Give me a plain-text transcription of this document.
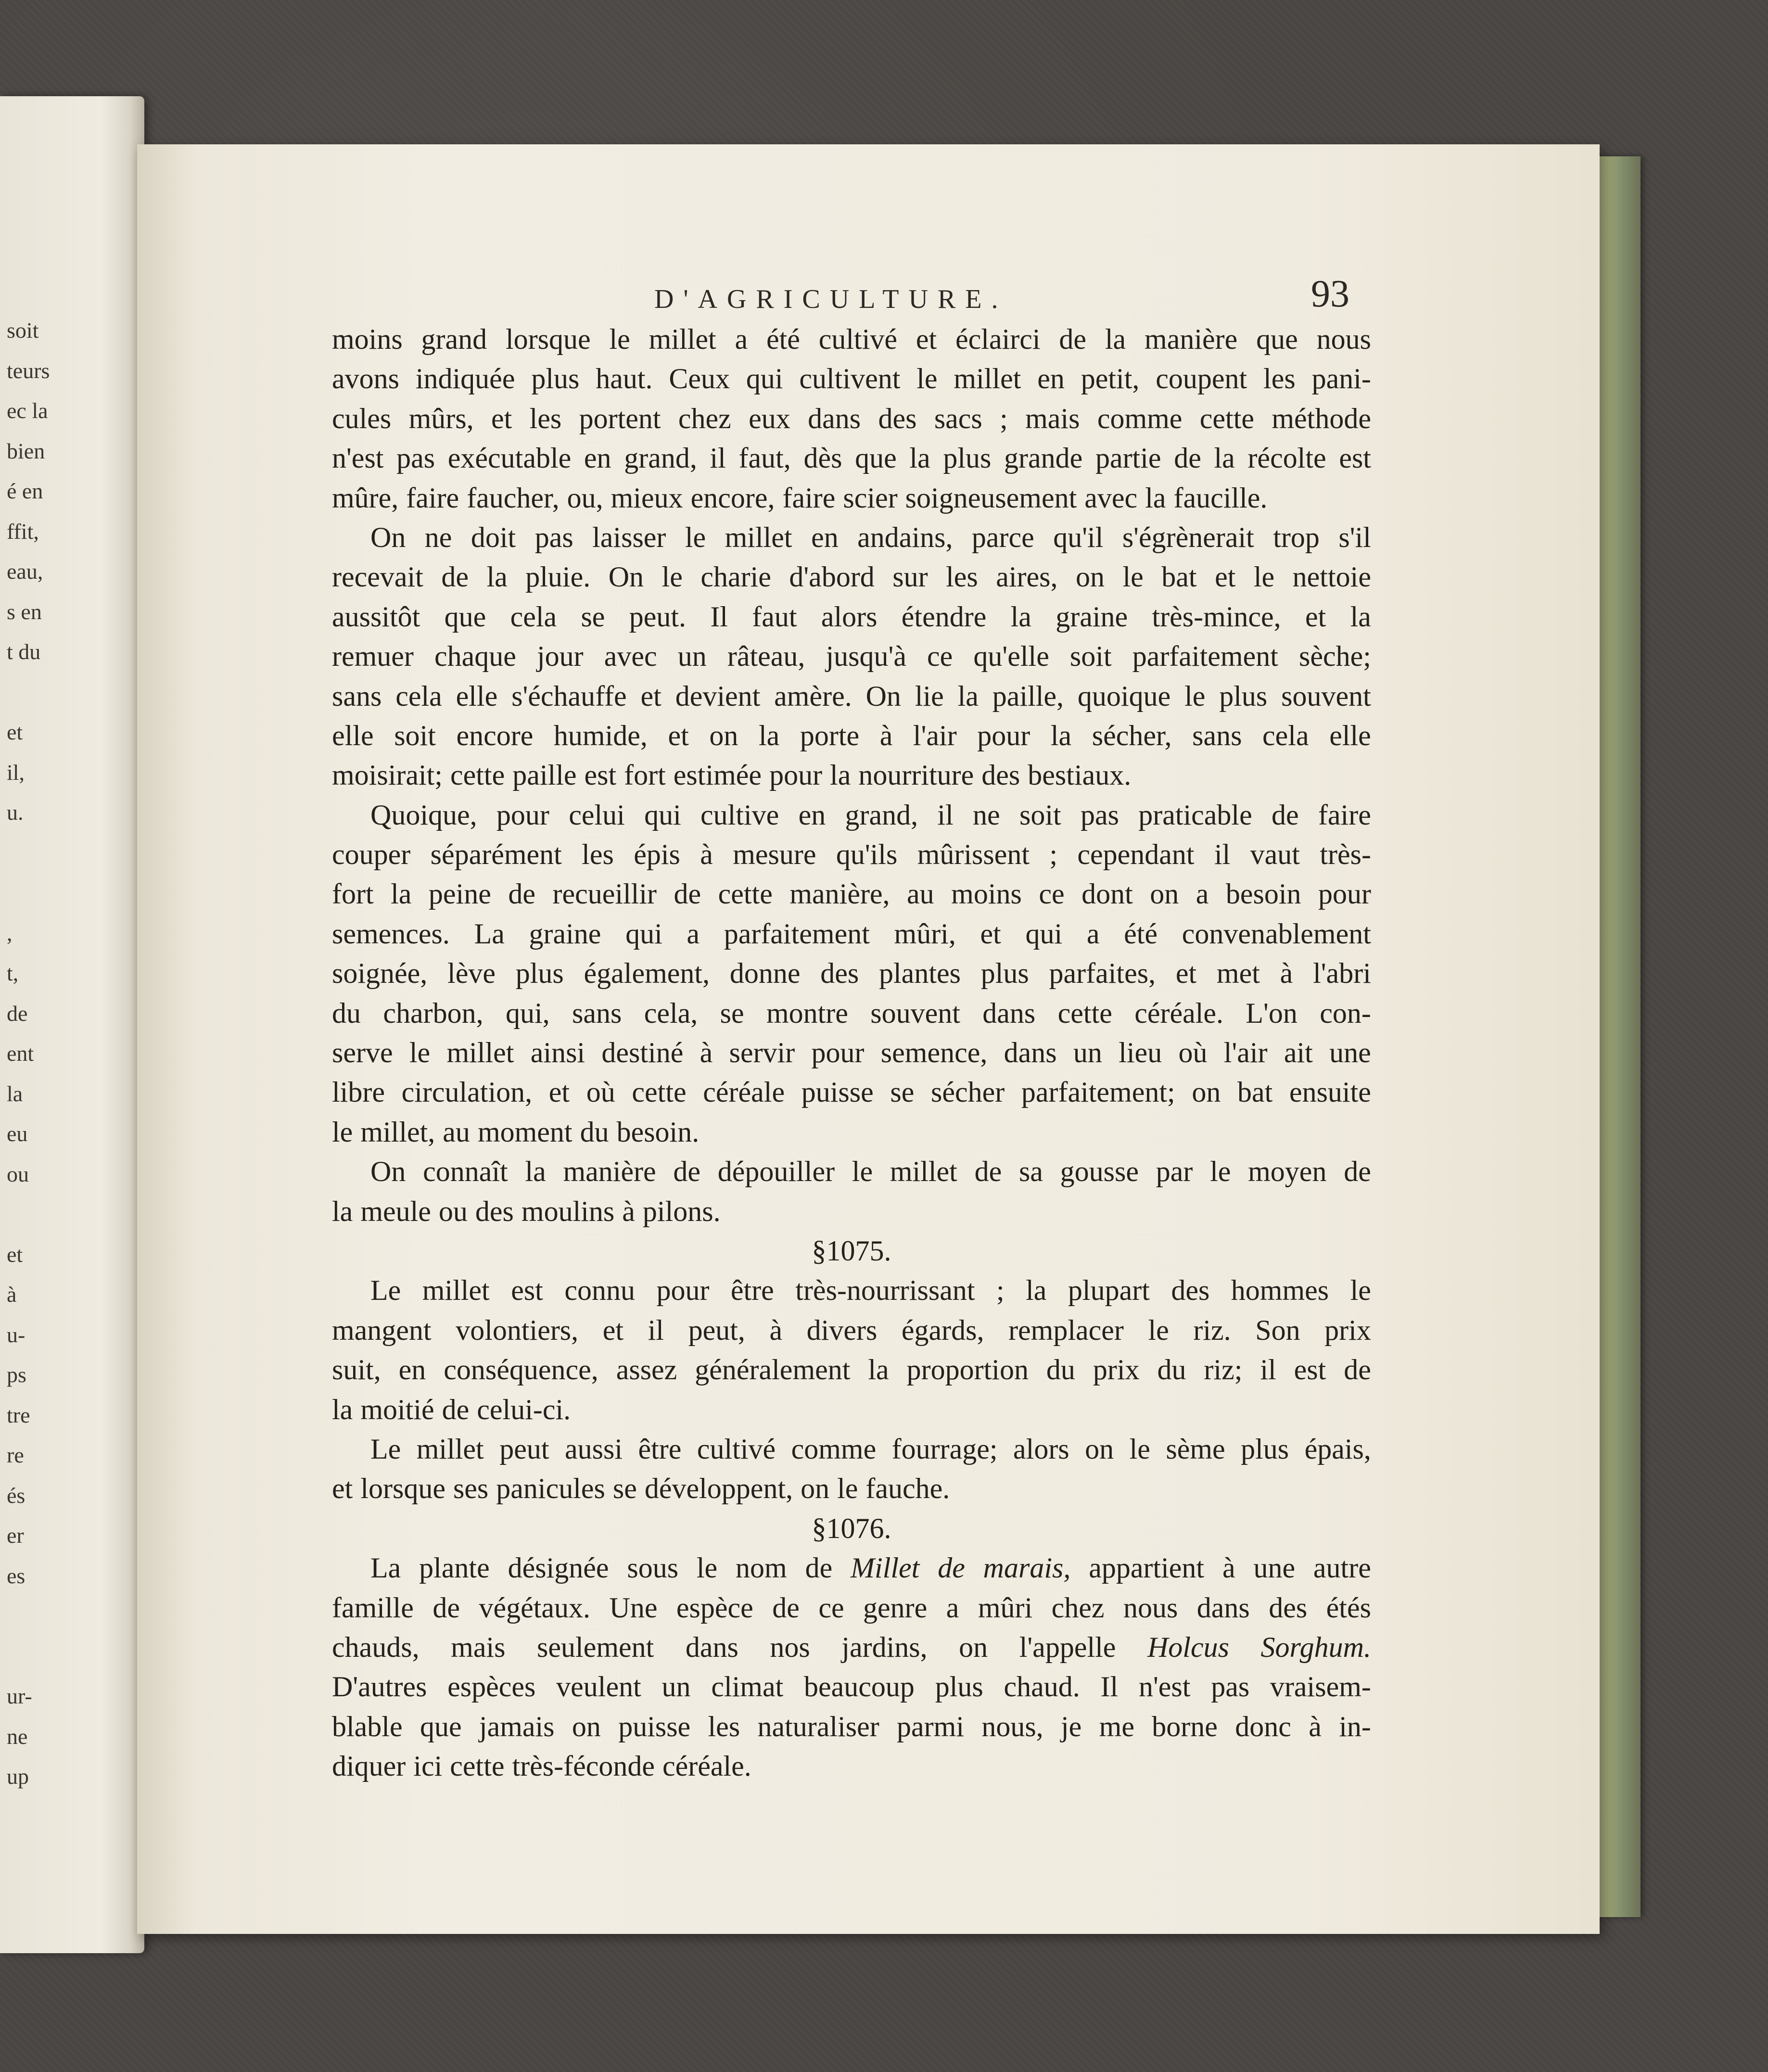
soit
teurs
ec la
bien
é en
ffit,
eau,
s en
t du
et
il,
u.
,
t,
de
ent
la
eu
ou
et
à
u-
ps
tre
re
és
er
es
ur-
ne
up
D'AGRICULTURE.	93
moins grand lorsque le millet a été cultivé et éclairci de la manière que nous
avons indiquée plus haut. Ceux qui cultivent le millet en petit, coupent les pani-
cules mûrs, et les portent chez eux dans des sacs ; mais comme cette méthode
n'est pas exécutable en grand, il faut, dès que la plus grande partie de la récolte est
mûre, faire faucher, ou, mieux encore, faire scier soigneusement avec la faucille.
On ne doit pas laisser le millet en andains, parce qu'il s'égrènerait trop s'il
recevait de la pluie. On le charie d'abord sur les aires, on le bat et le nettoie
aussitôt que cela se peut. Il faut alors étendre la graine très-mince, et la
remuer chaque jour avec un râteau, jusqu'à ce qu'elle soit parfaitement sèche;
sans cela elle s'échauffe et devient amère. On lie la paille, quoique le plus souvent
elle soit encore humide, et on la porte à l'air pour la sécher, sans cela elle
moisirait; cette paille est fort estimée pour la nourriture des bestiaux.
Quoique, pour celui qui cultive en grand, il ne soit pas praticable de faire
couper séparément les épis à mesure qu'ils mûrissent ; cependant il vaut très-
fort la peine de recueillir de cette manière, au moins ce dont on a besoin pour
semences. La graine qui a parfaitement mûri, et qui a été convenablement
soignée, lève plus également, donne des plantes plus parfaites, et met à l'abri
du charbon, qui, sans cela, se montre souvent dans cette céréale. L'on con-
serve le millet ainsi destiné à servir pour semence, dans un lieu où l'air ait une
libre circulation, et où cette céréale puisse se sécher parfaitement; on bat ensuite
le millet, au moment du besoin.
On connaît la manière de dépouiller le millet de sa gousse par le moyen de
la meule ou des moulins à pilons.
§ 1075.
Le millet est connu pour être très-nourrissant ; la plupart des hommes le
mangent volontiers, et il peut, à divers égards, remplacer le riz. Son prix
suit, en conséquence, assez généralement la proportion du prix du riz; il est de
la moitié de celui-ci.
Le millet peut aussi être cultivé comme fourrage; alors on le sème plus épais,
et lorsque ses panicules se développent, on le fauche.
§ 1076.
La plante désignée sous le nom de Millet de marais, appartient à une autre
famille de végétaux. Une espèce de ce genre a mûri chez nous dans des étés
chauds, mais seulement dans nos jardins, on l'appelle Holcus Sorghum.
D'autres espèces veulent un climat beaucoup plus chaud. Il n'est pas vraisem-
blable que jamais on puisse les naturaliser parmi nous, je me borne donc à in-
diquer ici cette très-féconde céréale.
